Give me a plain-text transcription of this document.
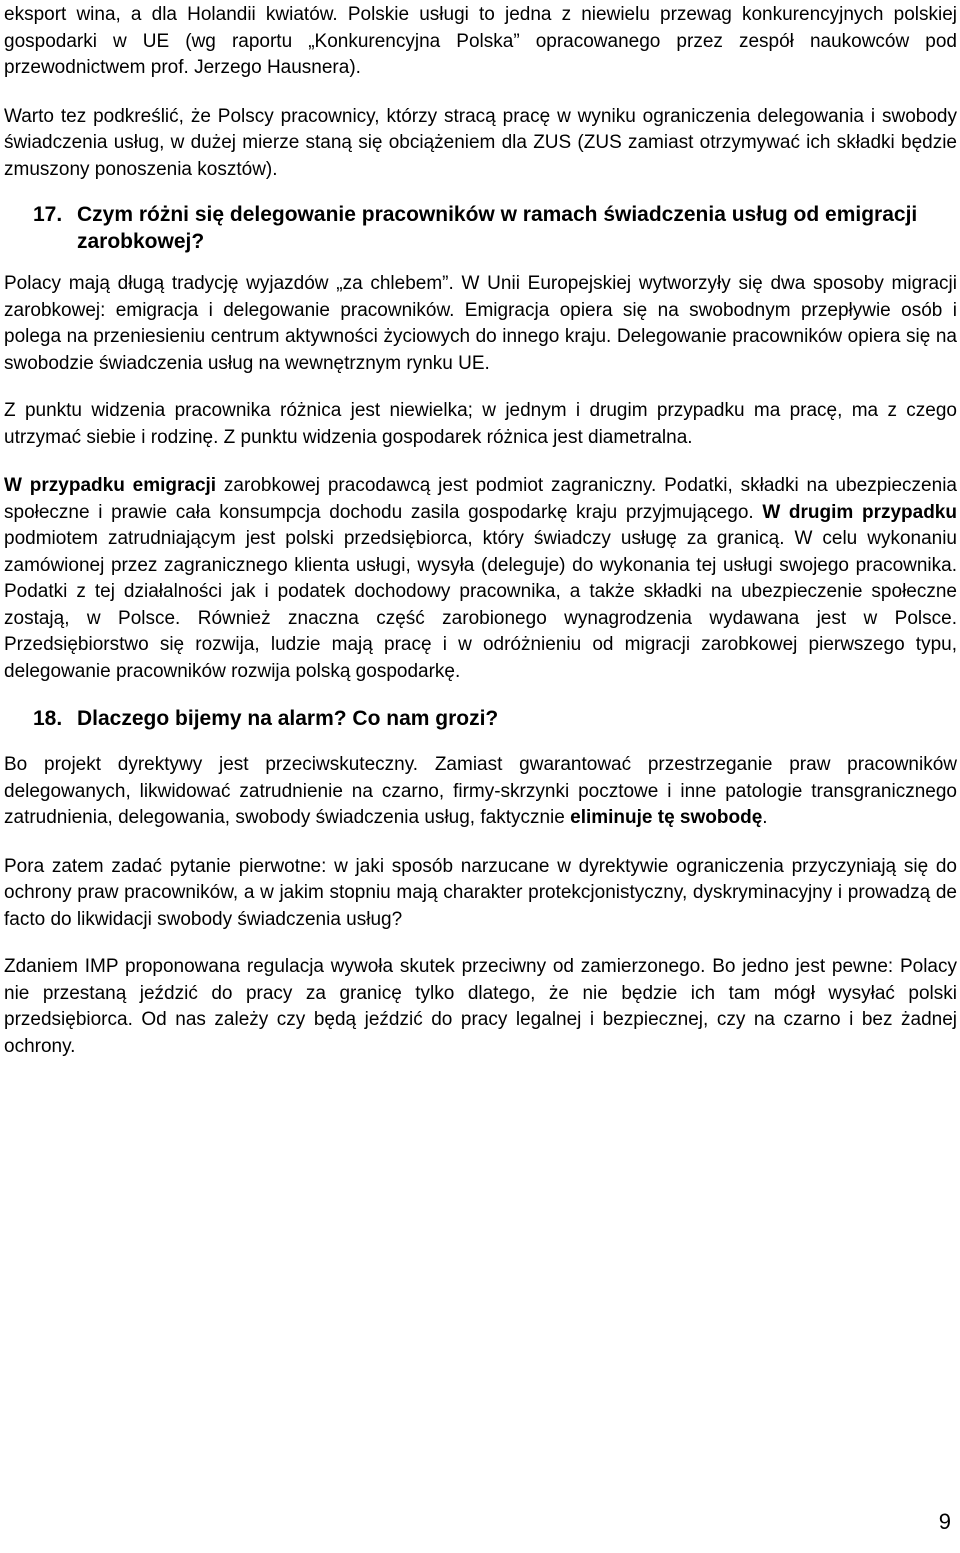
eksport wina, a dla Holandii kwiatów. Polskie usługi to jedna z niewielu przewag konkurencyjnych polskiej gospodarki w UE (wg raportu „Konkurencyjna Polska” opracowanego przez zespół naukowców pod przewodnictwem prof. Jerzego Hausnera).

Warto tez podkreślić, że Polscy pracownicy, którzy stracą pracę w wyniku ograniczenia delegowania i swobody świadczenia usług, w dużej mierze staną się obciążeniem dla ZUS (ZUS zamiast otrzymywać ich składki będzie zmuszony ponoszenia kosztów).

17. Czym różni się delegowanie pracowników w ramach świadczenia usług od emigracji zarobkowej?

Polacy mają długą tradycję wyjazdów „za chlebem”. W Unii Europejskiej wytworzyły się dwa sposoby migracji zarobkowej: emigracja i delegowanie pracowników. Emigracja opiera się na swobodnym przepływie osób i polega na przeniesieniu centrum aktywności życiowych do innego kraju. Delegowanie pracowników opiera się na swobodzie świadczenia usług na wewnętrznym rynku UE.

Z punktu widzenia pracownika różnica jest niewielka; w jednym i drugim przypadku ma pracę, ma z czego utrzymać siebie i rodzinę. Z punktu widzenia gospodarek różnica jest diametralna.

W przypadku emigracji zarobkowej pracodawcą jest podmiot zagraniczny. Podatki, składki na ubezpieczenia społeczne i prawie cała konsumpcja dochodu zasila gospodarkę kraju przyjmującego. W drugim przypadku podmiotem zatrudniającym jest polski przedsiębiorca, który świadczy usługę za granicą. W celu wykonaniu zamówionej przez zagranicznego klienta usługi, wysyła (deleguje) do wykonania tej usługi swojego pracownika. Podatki z tej działalności jak i podatek dochodowy pracownika, a także składki na ubezpieczenie społeczne zostają, w Polsce. Również znaczna część zarobionego wynagrodzenia wydawana jest w Polsce. Przedsiębiorstwo się rozwija, ludzie mają pracę i w odróżnieniu od migracji zarobkowej pierwszego typu, delegowanie pracowników rozwija polską gospodarkę.

18. Dlaczego bijemy na alarm? Co nam grozi?

Bo projekt dyrektywy jest przeciwskuteczny. Zamiast gwarantować przestrzeganie praw pracowników delegowanych, likwidować zatrudnienie na czarno, firmy-skrzynki pocztowe i inne patologie transgranicznego zatrudnienia, delegowania, swobody świadczenia usług, faktycznie eliminuje tę swobodę.

Pora zatem zadać pytanie pierwotne: w jaki sposób narzucane w dyrektywie ograniczenia przyczyniają się do ochrony praw pracowników, a w jakim stopniu mają charakter protekcjonistyczny, dyskryminacyjny i prowadzą de facto do likwidacji swobody świadczenia usług?

Zdaniem IMP proponowana regulacja wywoła skutek przeciwny od zamierzonego. Bo jedno jest pewne: Polacy nie przestaną jeździć do pracy za granicę tylko dlatego, że nie będzie ich tam mógł wysyłać polski przedsiębiorca. Od nas zależy czy będą jeździć do pracy legalnej i bezpiecznej, czy na czarno i bez żadnej ochrony.

9
